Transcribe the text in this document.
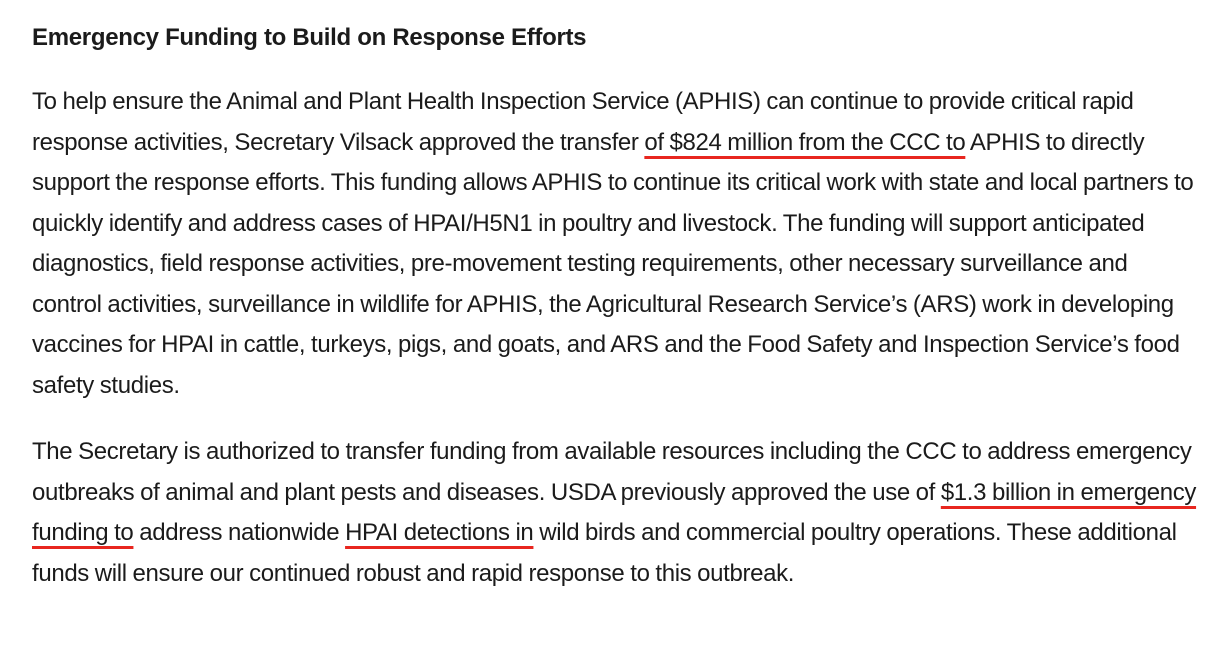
Emergency Funding to Build on Response Efforts

To help ensure the Animal and Plant Health Inspection Service (APHIS) can continue to provide critical rapid response activities, Secretary Vilsack approved the transfer of $824 million from the CCC to APHIS to directly support the response efforts. This funding allows APHIS to continue its critical work with state and local partners to quickly identify and address cases of HPAI/H5N1 in poultry and livestock. The funding will support anticipated diagnostics, field response activities, pre-movement testing requirements, other necessary surveillance and control activities, surveillance in wildlife for APHIS, the Agricultural Research Service’s (ARS) work in developing vaccines for HPAI in cattle, turkeys, pigs, and goats, and ARS and the Food Safety and Inspection Service’s food safety studies.

The Secretary is authorized to transfer funding from available resources including the CCC to address emergency outbreaks of animal and plant pests and diseases. USDA previously approved the use of $1.3 billion in emergency funding to address nationwide HPAI detections in wild birds and commercial poultry operations. These additional funds will ensure our continued robust and rapid response to this outbreak.
